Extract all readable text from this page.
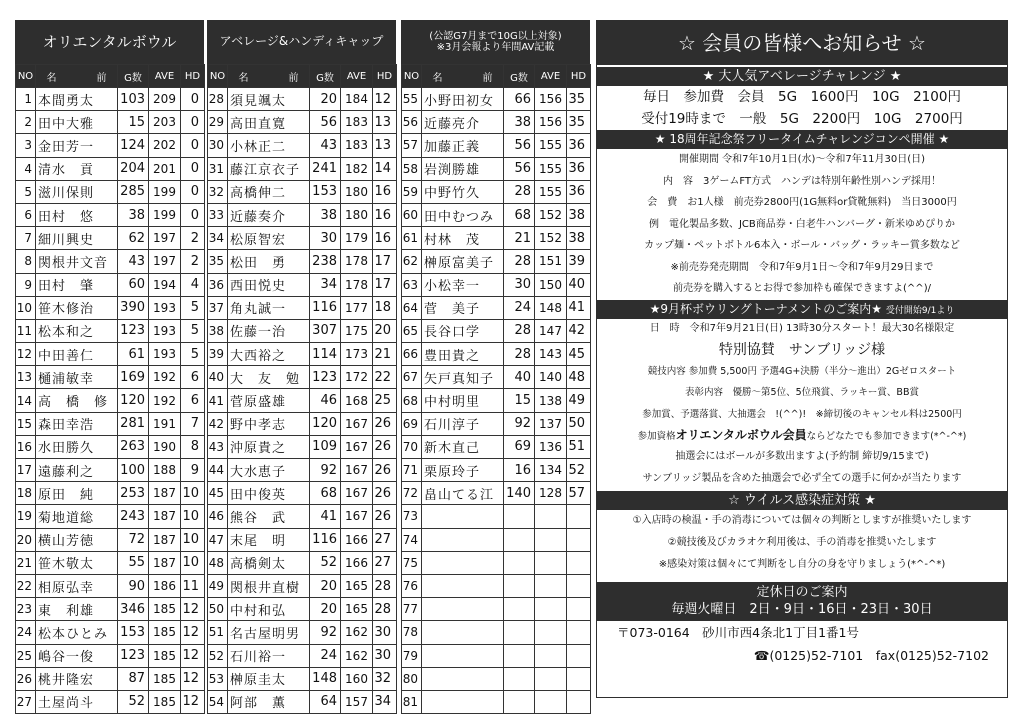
オリエンタルボウル
NO	名　　　　前	G数	AVE	HD
1	本間勇太	103	209	0
2	田中大雅	15	203	0
3	金田芳一	124	202	0
4	清水　貢	204	201	0
5	滋川保則	285	199	0
6	田村　悠	38	199	0
7	細川興史	62	197	2
8	関根井文音	43	197	2
9	田村　肇	60	194	4
10	笹木修治	390	193	5
11	松本和之	123	193	5
12	中田善仁	61	193	5
13	樋浦敏幸	169	192	6
14	高　橋　修	120	192	6
15	森田幸浩	281	191	7
16	水田勝久	263	190	8
17	遠藤利之	100	188	9
18	原田　純	253	187	10
19	菊地道総	243	187	10
20	横山芳徳	72	187	10
21	笹木敬太	55	187	10
22	相原弘幸	90	186	11
23	東　利雄	346	185	12
24	松本ひとみ	153	185	12
25	嶋谷一俊	123	185	12
26	桃井隆宏	87	185	12
27	土屋尚斗	52	185	12
アベレージ&ハンディキャップ
NO	名　　　　前	G数	AVE	HD
28	須見颯太	20	184	12
29	高田直寛	56	183	13
30	小林正二	43	183	13
31	藤江京衣子	241	182	14
32	高橋伸二	153	180	16
33	近藤奏介	38	180	16
34	松原智宏	30	179	16
35	松田　勇	238	178	17
36	西田悦史	34	178	17
37	角丸誠一	116	177	18
38	佐藤一治	307	175	20
39	大西裕之	114	173	21
40	大　友　勉	123	172	22
41	菅原盛雄	46	168	25
42	野中孝志	120	167	26
43	沖原貴之	109	167	26
44	大水恵子	92	167	26
45	田中俊英	68	167	26
46	熊谷　武	41	167	26
47	末尾　明	116	166	27
48	高橋剣太	52	166	27
49	関根井直樹	20	165	28
50	中村和弘	20	165	28
51	名古屋明男	92	162	30
52	石川裕一	24	162	30
53	榊原圭太	148	160	32
54	阿部　薫	64	157	34
(公認G7月まで10G以上対象)
※3月会報より年間AV記載
NO	名　　　　前	G数	AVE	HD
55	小野田初女	66	156	35
56	近藤亮介	38	156	35
57	加藤正義	56	155	36
58	岩渕勝雄	56	155	36
59	中野竹久	28	155	36
60	田中むつみ	68	152	38
61	村林　茂	21	152	38
62	榊原富美子	28	151	39
63	小松幸一	30	150	40
64	菅　美子	24	148	41
65	長谷口学	28	147	42
66	豊田貴之	28	143	45
67	矢戸真知子	40	140	48
68	中村明里	15	138	49
69	石川淳子	92	137	50
70	新木直己	69	136	51
71	栗原玲子	16	134	52
72	畠山てる江	140	128	57
73				
74				
75				
76				
77				
78				
79				
80				
81				
☆ 会員の皆様へお知らせ ☆
★ 大人気アベレージチャレンジ ★
毎日　参加費　会員　5G　1600円　10G　2100円
受付19時まで　一般　5G　2200円　10G　2700円
★ 18周年記念祭フリータイムチャレンジコンペ開催 ★
開催期間 令和7年10月1日(水)～令和7年11月30日(日)
内　容　3ゲームFT方式　ハンデは特別年齢性別ハンデ採用！
会　費　お1人様　前売券2800円(1G無料or貸靴無料)　当日3000円
例　電化製品多数、JCB商品券・白老牛ハンバーグ・新米ゆめぴりか
カップ麺・ペットボトル6本入・ボール・バッグ・ラッキー賞多数など
※前売券発売期間　令和7年9月1日～令和7年9月29日まで
前売券を購入するとお得で参加枠も確保できますよ(^^)/
★9月杯ボウリングトーナメントのご案内★ 受付開始9/1より
日　時　令和7年9月21日(日) 13時30分スタート！最大30名様限定
特別協賛　サンブリッジ様
競技内容 参加費 5,500円 予選4G+決勝（半分～進出）2Gゼロスタート
表彰内容　優勝～第5位、5位飛賞、ラッキー賞、BB賞
参加賞、予選落賞、大抽選会　!(^^)!　※締切後のキャンセル料は2500円
参加資格オリエンタルボウル会員ならどなたでも参加できます(*^-^*)
抽選会にはボールが多数出ますよ(予約制 締切9/15まで)
サンブリッジ製品を含めた抽選会で必ず全ての選手に何かが当たります
☆ ウイルス感染症対策 ★
①入店時の検温・手の消毒については個々の判断としますが推奨いたします
②競技後及びカラオケ利用後は、手の消毒を推奨いたします
※感染対策は個々にて判断をし自分の身を守りましょう(*^-^*)
定休日のご案内
毎週火曜日　2日・9日・16日・23日・30日
〒073-0164　砂川市西4条北1丁目1番1号
☎(0125)52-7101　fax(0125)52-7102
